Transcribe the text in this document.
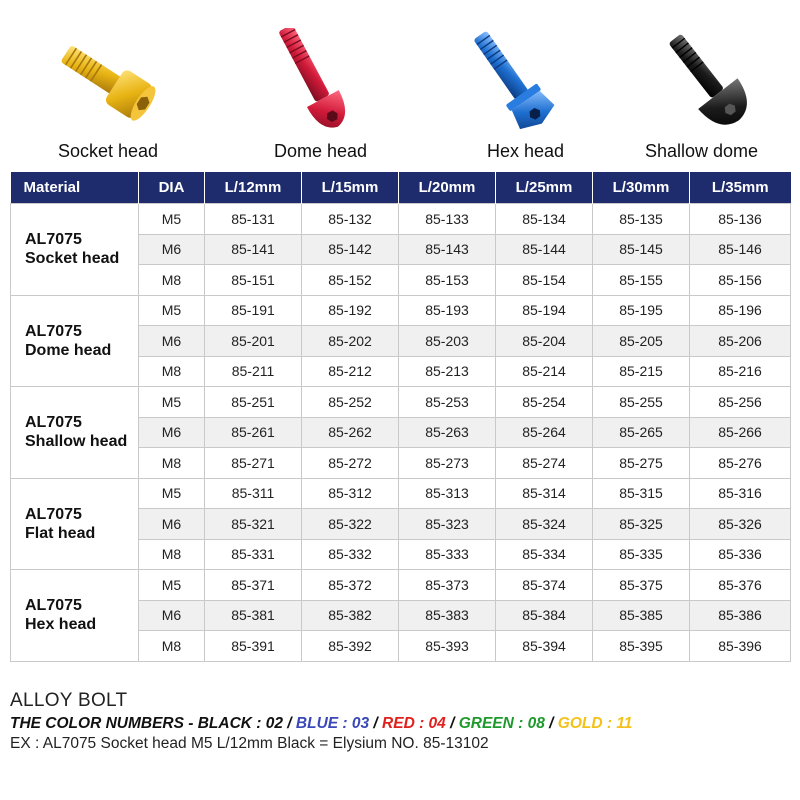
Socket head	Dome head	Hex head	Shallow dome
Material	DIA	L/12mm	L/15mm	L/20mm	L/25mm	L/30mm	L/35mm

AL7075
Socket head	M5	85-131	85-132	85-133	85-134	85-135	85-136
	M6	85-141	85-142	85-143	85-144	85-145	85-146
	M8	85-151	85-152	85-153	85-154	85-155	85-156

AL7075
Dome head	M5	85-191	85-192	85-193	85-194	85-195	85-196
	M6	85-201	85-202	85-203	85-204	85-205	85-206
	M8	85-211	85-212	85-213	85-214	85-215	85-216

AL7075
Shallow head	M5	85-251	85-252	85-253	85-254	85-255	85-256
	M6	85-261	85-262	85-263	85-264	85-265	85-266
	M8	85-271	85-272	85-273	85-274	85-275	85-276

AL7075
Flat head	M5	85-311	85-312	85-313	85-314	85-315	85-316
	M6	85-321	85-322	85-323	85-324	85-325	85-326
	M8	85-331	85-332	85-333	85-334	85-335	85-336

AL7075
Hex head	M5	85-371	85-372	85-373	85-374	85-375	85-376
	M6	85-381	85-382	85-383	85-384	85-385	85-386
	M8	85-391	85-392	85-393	85-394	85-395	85-396
ALLOY BOLT
THE COLOR NUMBERS - BLACK : 02 / BLUE : 03 / RED : 04 / GREEN : 08 / GOLD : 11
EX : AL7075 Socket head M5 L/12mm Black = Elysium NO. 85-13102
